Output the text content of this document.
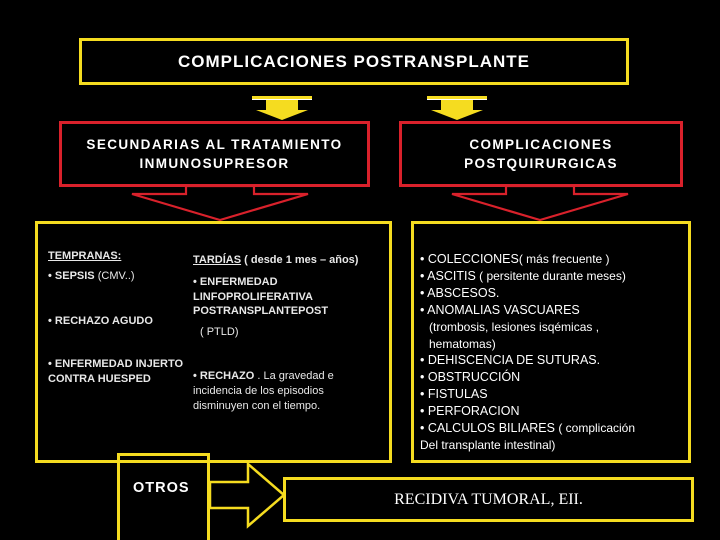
COMPLICACIONES POSTRANSPLANTE
SECUNDARIAS AL TRATAMIENTO
INMUNOSUPRESOR
COMPLICACIONES
POSTQUIRURGICAS
TEMPRANAS:
• SEPSIS (CMV..)
• RECHAZO AGUDO
• ENFERMEDAD INJERTO
CONTRA HUESPED
TARDÍAS ( desde 1 mes – años)
• ENFERMEDAD
LINFOPROLIFERATIVA
POSTRANSPLANTEPOST
( PTLD)
• RECHAZO . La gravedad e
incidencia de los episodios
disminuyen con el tiempo.
• COLECCIONES( más frecuente )
• ASCITIS ( persitente durante meses)
• ABSCESOS.
• ANOMALIAS VASCUARES
(trombosis, lesiones isqémicas ,
hematomas)
• DEHISCENCIA DE SUTURAS.
• OBSTRUCCIÓN
• FISTULAS
• PERFORACION
• CALCULOS BILIARES ( complicación
Del transplante intestinal)
OTROS
RECIDIVA TUMORAL, EII.
